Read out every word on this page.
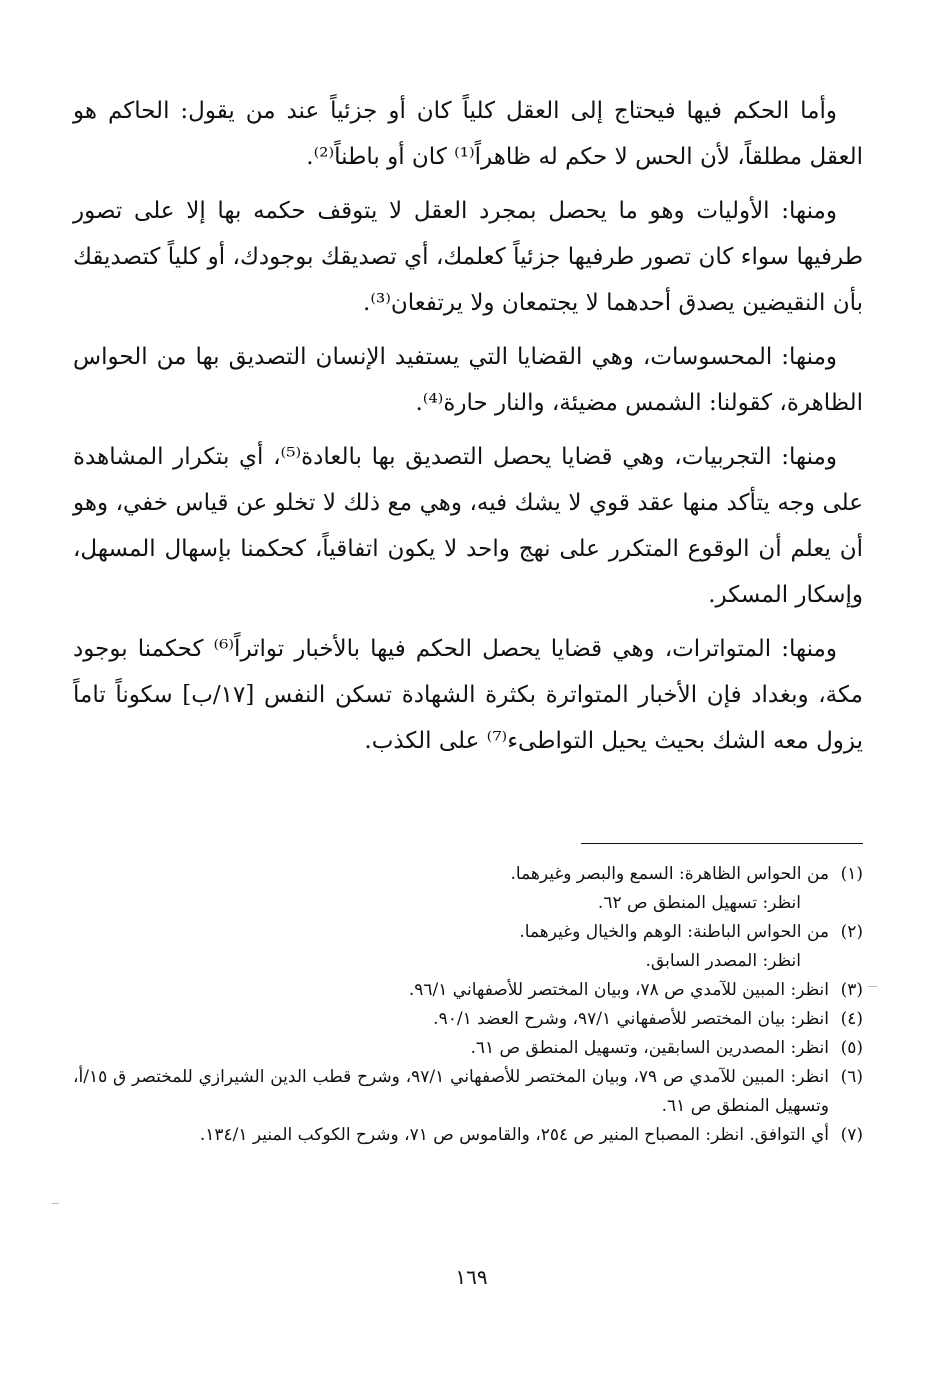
وأما الحكم فيها فيحتاج إلى العقل كلياً كان أو جزئياً عند من يقول: الحاكم هو العقل مطلقاً، لأن الحس لا حكم له ظاهراً⁽¹⁾ كان أو باطناً⁽²⁾.

ومنها: الأوليات وهو ما يحصل بمجرد العقل لا يتوقف حكمه بها إلا على تصور طرفيها سواء كان تصور طرفيها جزئياً كعلمك، أي تصديقك بوجودك، أو كلياً كتصديقك بأن النقيضين يصدق أحدهما لا يجتمعان ولا يرتفعان⁽³⁾.

ومنها: المحسوسات، وهي القضايا التي يستفيد الإنسان التصديق بها من الحواس الظاهرة، كقولنا: الشمس مضيئة، والنار حارة⁽⁴⁾.

ومنها: التجربيات، وهي قضايا يحصل التصديق بها بالعادة⁽⁵⁾، أي بتكرار المشاهدة على وجه يتأكد منها عقد قوي لا يشك فيه، وهي مع ذلك لا تخلو عن قياس خفي، وهو أن يعلم أن الوقوع المتكرر على نهج واحد لا يكون اتفاقياً، كحكمنا بإسهال المسهل، وإسكار المسكر.

ومنها: المتواترات، وهي قضايا يحصل الحكم فيها بالأخبار تواتراً⁽⁶⁾ كحكمنا بوجود مكة، وبغداد فإن الأخبار المتواترة بكثرة الشهادة تسكن النفس [١٧/ب] سكوناً تاماً يزول معه الشك بحيث يحيل التواطىء⁽⁷⁾ على الكذب.

(١)
من الحواس الظاهرة: السمع والبصر وغيرهما.
انظر: تسهيل المنطق ص ٦٢.
(٢)
من الحواس الباطنة: الوهم والخيال وغيرهما.
انظر: المصدر السابق.
(٣)
انظر: المبين للآمدي ص ٧٨، وبيان المختصر للأصفهاني ٩٦/١.
(٤)
انظر: بيان المختصر للأصفهاني ٩٧/١، وشرح العضد ٩٠/١.
(٥)
انظر: المصدرين السابقين، وتسهيل المنطق ص ٦١.
(٦)
انظر: المبين للآمدي ص ٧٩، وبيان المختصر للأصفهاني ٩٧/١، وشرح قطب الدين الشيرازي للمختصر ق ١٥/أ، وتسهيل المنطق ص ٦١.
(٧)
أي التوافق. انظر: المصباح المنير ص ٢٥٤، والقاموس ص ٧١، وشرح الكوكب المنير ١٣٤/١.
١٦٩
